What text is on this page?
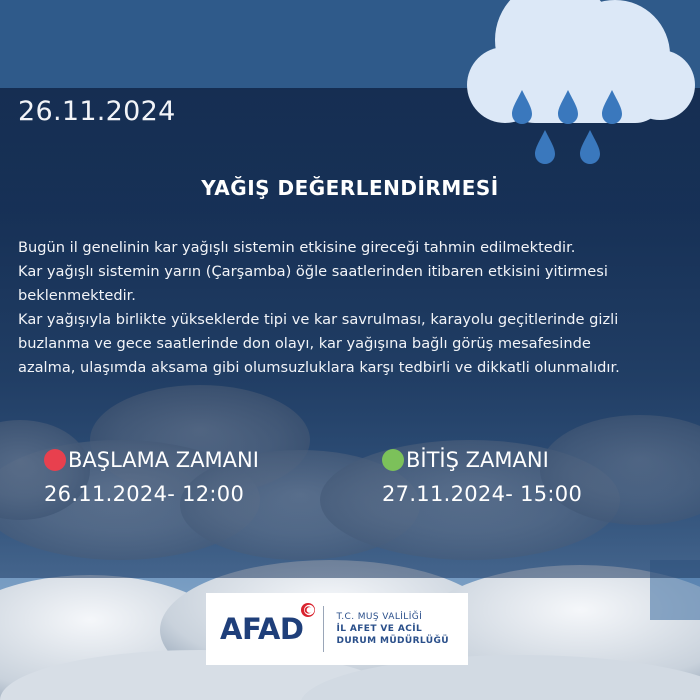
26.11.2024
YAĞIŞ DEĞERLENDİRMESİ

Bugün il genelinin kar yağışlı sistemin etkisine gireceği tahmin edilmektedir.

Kar yağışlı sistemin yarın (Çarşamba) öğle saatlerinden itibaren etkisini yitirmesi

beklenmektedir.

Kar yağışıyla birlikte yükseklerde tipi ve kar savrulması, karayolu geçitlerinde gizli

buzlanma ve gece saatlerinde don olayı, kar yağışına bağlı görüş mesafesinde

azalma, ulaşımda aksama gibi olumsuzluklara karşı tedbirli ve dikkatli olunmalıdır.

BAŞLAMA ZAMANI
26.11.2024- 12:00
BİTİŞ ZAMANI
27.11.2024- 15:00
AFAD	T.C. MUŞ VALİLİĞİ
İL AFET VE ACİL
DURUM MÜDÜRLÜĞÜ
